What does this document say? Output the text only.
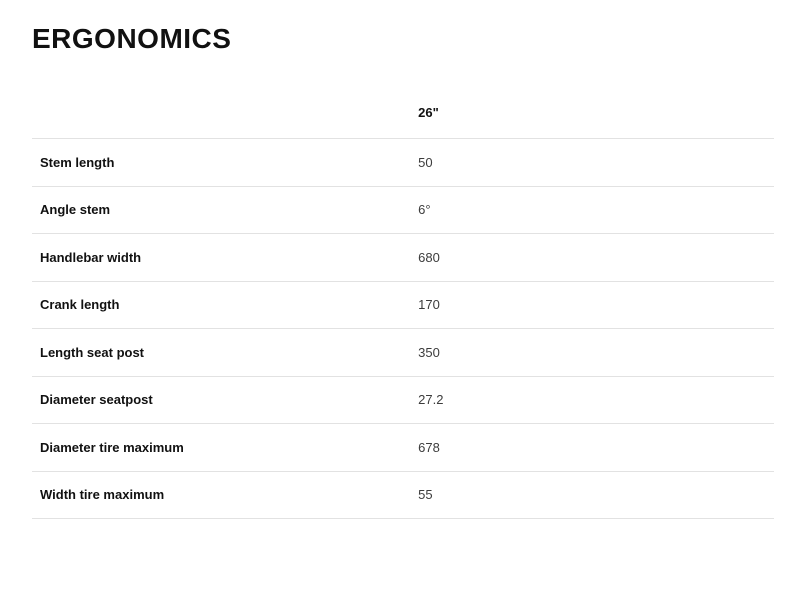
ERGONOMICS
	26"
Stem length	50
Angle stem	6°
Handlebar width	680
Crank length	170
Length seat post	350
Diameter seatpost	27.2
Diameter tire maximum	678
Width tire maximum	55
